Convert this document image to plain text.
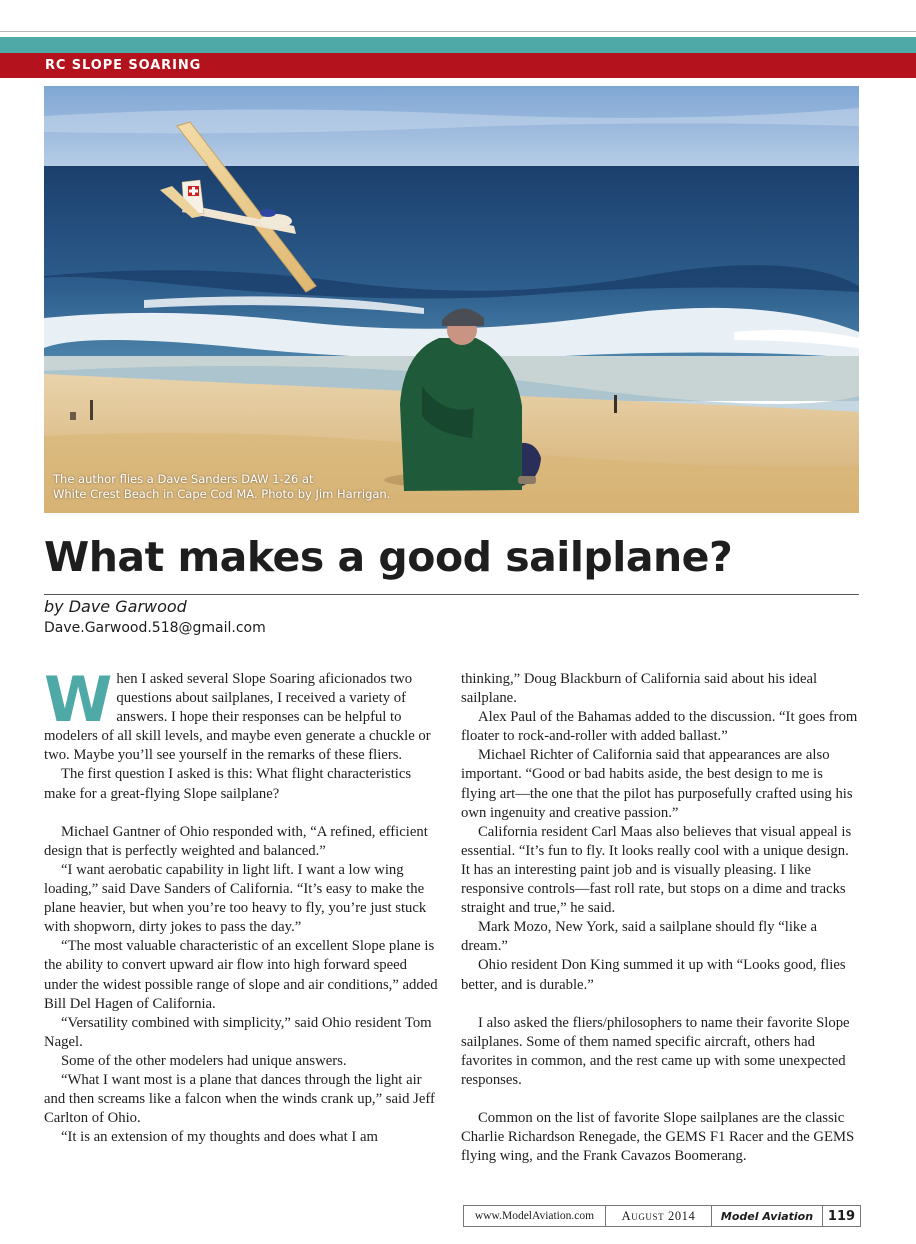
RC SLOPE SOARING
The author flies a Dave Sanders DAW 1-26 at
White Crest Beach in Cape Cod MA. Photo by Jim Harrigan.
What makes a good sailplane?
by Dave Garwood
Dave.Garwood.518@gmail.com

When I asked several Slope Soaring aficionados two questions about sailplanes, I received a variety of answers. I hope their responses can be helpful to modelers of all skill levels, and maybe even generate a chuckle or two. Maybe you’ll see yourself in the remarks of these fliers.

The first question I asked is this: What flight characteristics make for a great-flying Slope sailplane?

Michael Gantner of Ohio responded with, “A refined, efficient design that is perfectly weighted and balanced.”

“I want aerobatic capability in light lift. I want a low wing loading,” said Dave Sanders of California. “It’s easy to make the plane heavier, but when you’re too heavy to fly, you’re just stuck with shopworn, dirty jokes to pass the day.”

“The most valuable characteristic of an excellent Slope plane is the ability to convert upward air flow into high forward speed under the widest possible range of slope and air conditions,” added Bill Del Hagen of California.

“Versatility combined with simplicity,” said Ohio resident Tom Nagel.

Some of the other modelers had unique answers.

“What I want most is a plane that dances through the light air and then screams like a falcon when the winds crank up,” said Jeff Carlton of Ohio.

“It is an extension of my thoughts and does what I am

thinking,” Doug Blackburn of California said about his ideal sailplane.

Alex Paul of the Bahamas added to the discussion. “It goes from floater to rock-and-roller with added ballast.”

Michael Richter of California said that appearances are also important. “Good or bad habits aside, the best design to me is flying art—the one that the pilot has purposefully crafted using his own ingenuity and creative passion.”

California resident Carl Maas also believes that visual appeal is essential. “It’s fun to fly. It looks really cool with a unique design. It has an interesting paint job and is visually pleasing. I like responsive controls—fast roll rate, but stops on a dime and tracks straight and true,” he said.

Mark Mozo, New York, said a sailplane should fly “like a dream.”

Ohio resident Don King summed it up with “Looks good, flies better, and is durable.”

I also asked the fliers/philosophers to name their favorite Slope sailplanes. Some of them named specific aircraft, others had favorites in common, and the rest came up with some unexpected responses.

Common on the list of favorite Slope sailplanes are the classic Charlie Richardson Renegade, the GEMS F1 Racer and the GEMS flying wing, and the Frank Cavazos Boomerang.

www.ModelAviation.com	August 2014	Model Aviation	119
